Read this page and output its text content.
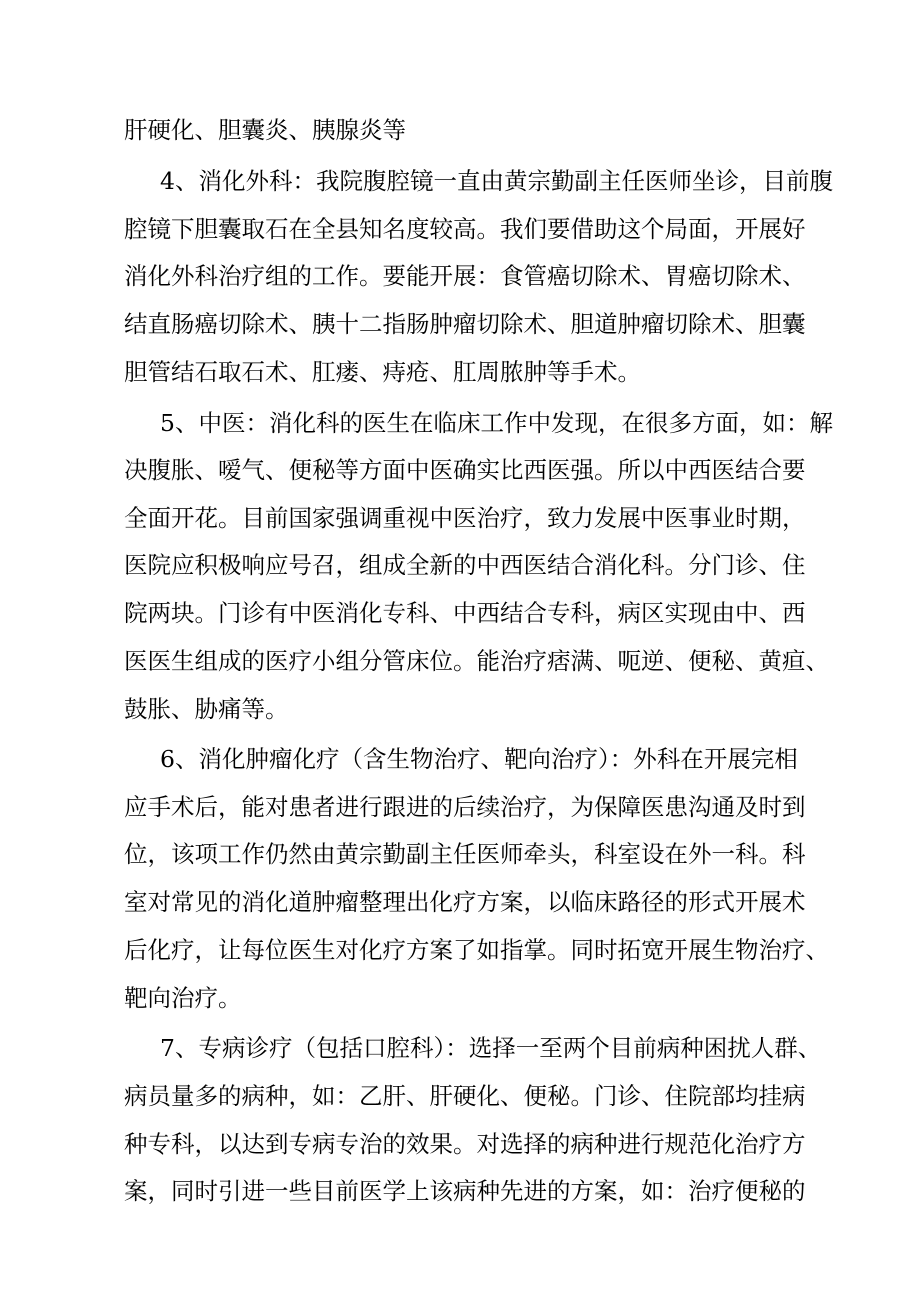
肝硬化、胆囊炎、胰腺炎等
4、消化外科：我院腹腔镜一直由黄宗勤副主任医师坐诊，目前腹
腔镜下胆囊取石在全县知名度较高。我们要借助这个局面，开展好
消化外科治疗组的工作。要能开展：食管癌切除术、胃癌切除术、
结直肠癌切除术、胰十二指肠肿瘤切除术、胆道肿瘤切除术、胆囊
胆管结石取石术、肛瘘、痔疮、肛周脓肿等手术。
5、中医：消化科的医生在临床工作中发现，在很多方面，如：解
决腹胀、嗳气、便秘等方面中医确实比西医强。所以中西医结合要
全面开花。目前国家强调重视中医治疗，致力发展中医事业时期，
医院应积极响应号召，组成全新的中西医结合消化科。分门诊、住
院两块。门诊有中医消化专科、中西结合专科，病区实现由中、西
医医生组成的医疗小组分管床位。能治疗痞满、呃逆、便秘、黄疸、
鼓胀、胁痛等。
6、消化肿瘤化疗（含生物治疗、靶向治疗）：外科在开展完相
应手术后，能对患者进行跟进的后续治疗，为保障医患沟通及时到
位，该项工作仍然由黄宗勤副主任医师牵头，科室设在外一科。科
室对常见的消化道肿瘤整理出化疗方案，以临床路径的形式开展术
后化疗，让每位医生对化疗方案了如指掌。同时拓宽开展生物治疗、
靶向治疗。
7、专病诊疗（包括口腔科）：选择一至两个目前病种困扰人群、
病员量多的病种，如：乙肝、肝硬化、便秘。门诊、住院部均挂病
种专科，以达到专病专治的效果。对选择的病种进行规范化治疗方
案，同时引进一些目前医学上该病种先进的方案，如：治疗便秘的
